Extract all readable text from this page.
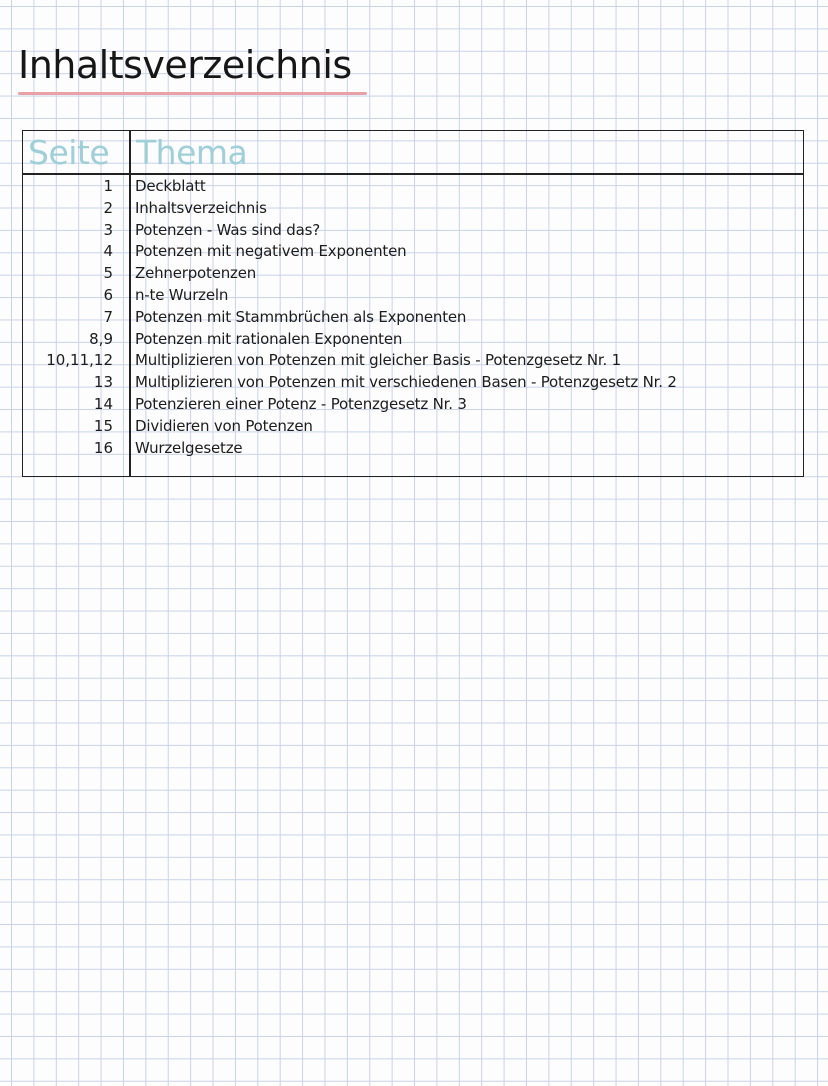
Inhaltsverzeichnis
Seite Thema
1 Deckblatt
2 Inhaltsverzeichnis
3 Potenzen - Was sind das?
4 Potenzen mit negativem Exponenten
5 Zehnerpotenzen
6 n-te Wurzeln
7 Potenzen mit Stammbrüchen als Exponenten
8,9 Potenzen mit rationalen Exponenten
10,11,12 Multiplizieren von Potenzen mit gleicher Basis - Potenzgesetz Nr. 1
13 Multiplizieren von Potenzen mit verschiedenen Basen - Potenzgesetz Nr. 2
14 Potenzieren einer Potenz - Potenzgesetz Nr. 3
15 Dividieren von Potenzen
16 Wurzelgesetze
